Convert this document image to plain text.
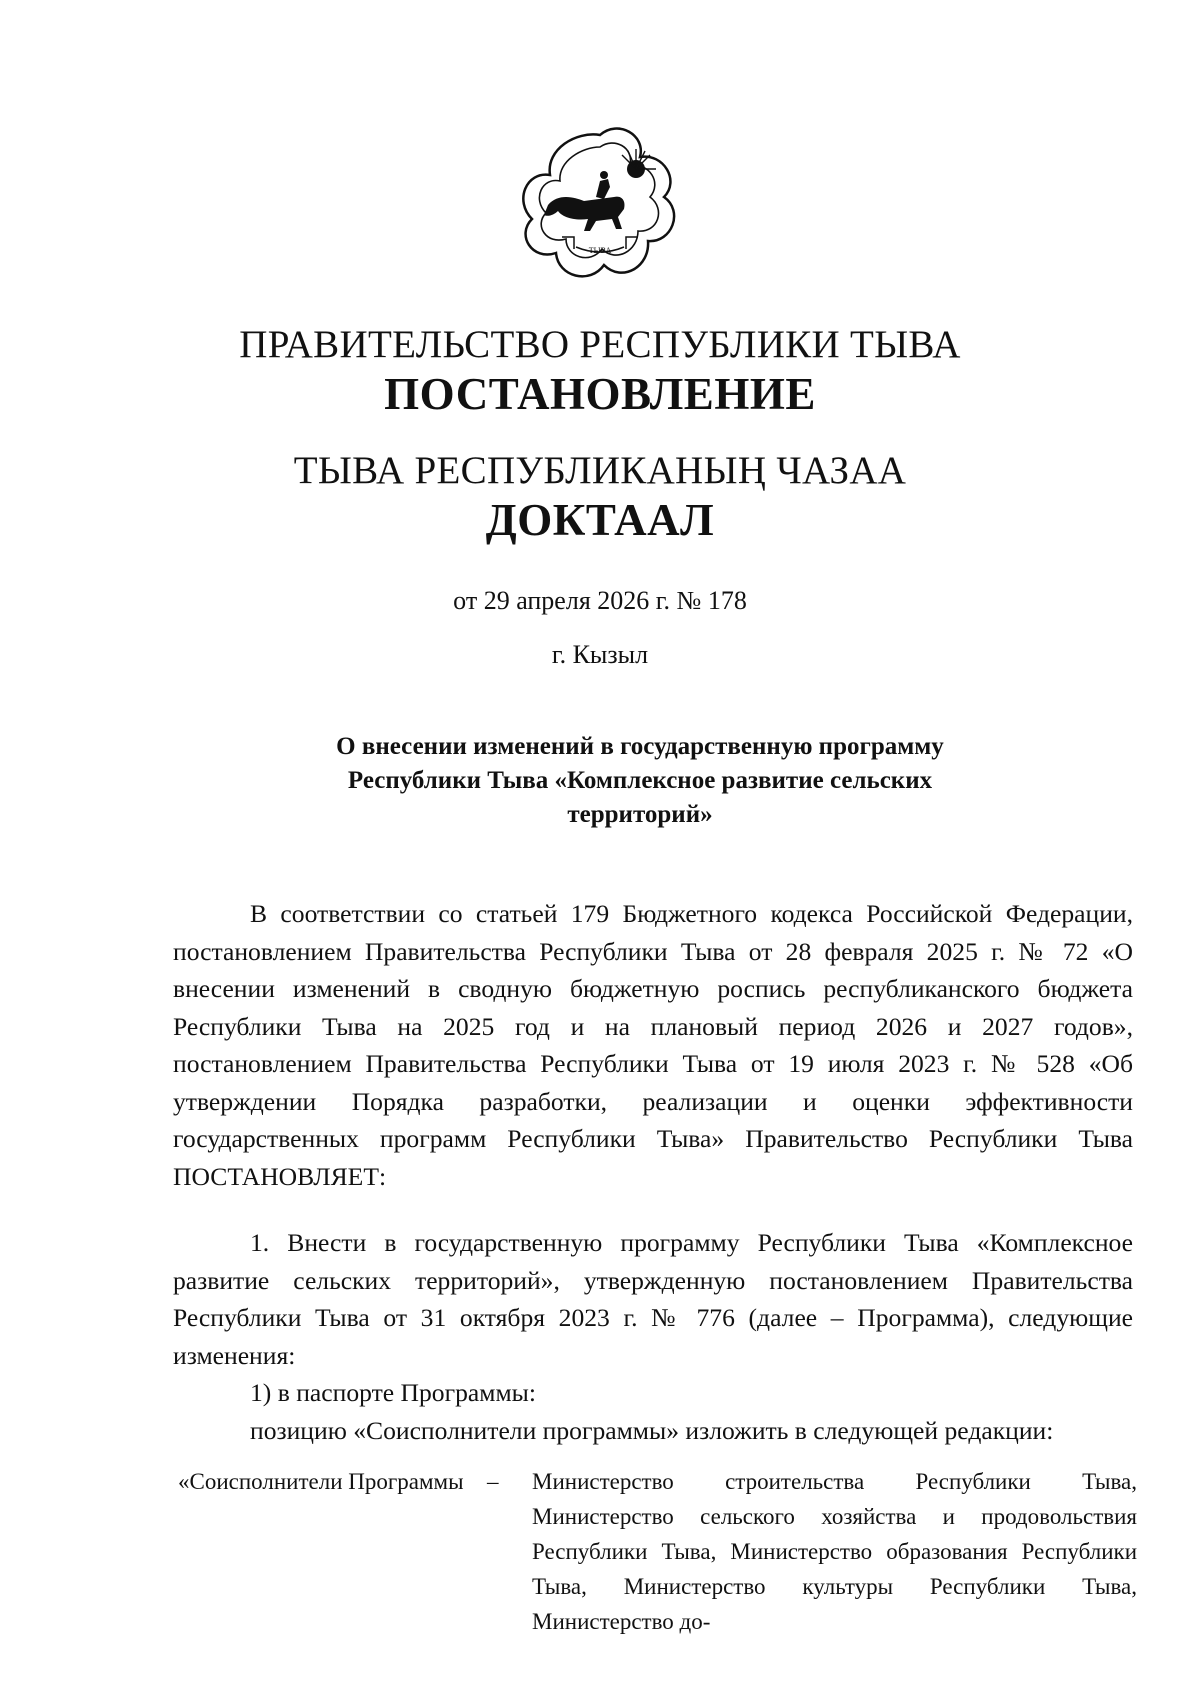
ТЫВА
ПРАВИТЕЛЬСТВО РЕСПУБЛИКИ ТЫВА
ПОСТАНОВЛЕНИЕ
ТЫВА РЕСПУБЛИКАНЫҢ ЧАЗАА
ДОКТААЛ
от 29 апреля 2026 г. № 178
г. Кызыл
О внесении изменений в государственную программу Республики Тыва «Комплексное развитие сельских территорий»
В соответствии со статьей 179 Бюджетного кодекса Российской Федерации, постановлением Правительства Республики Тыва от 28 февраля 2025 г. № 72 «О внесении изменений в сводную бюджетную роспись республиканского бюджета Республики Тыва на 2025 год и на плановый период 2026 и 2027 годов», постановлением Правительства Республики Тыва от 19 июля 2023 г. № 528 «Об утверждении Порядка разработки, реализации и оценки эффективности государственных программ Республики Тыва» Правительство Республики Тыва ПОСТАНОВЛЯЕТ:
1. Внести в государственную программу Республики Тыва «Комплексное развитие сельских территорий», утвержденную постановлением Правительства Республики Тыва от 31 октября 2023 г. № 776 (далее – Программа), следующие изменения:
1) в паспорте Программы:
позицию «Соисполнители программы» изложить в следующей редакции:
«Соисполнители Программы	– Министерство строительства Республики Тыва, Министерство сельского хозяйства и продовольствия Республики Тыва, Министерство образования Республики Тыва, Министерство культуры Республики Тыва, Министерство до-
